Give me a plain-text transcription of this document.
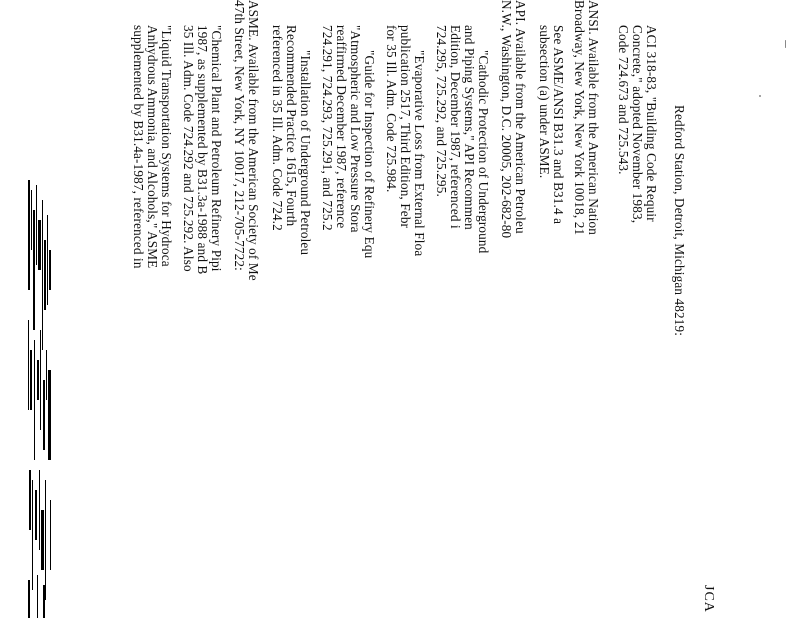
JCA
Redford Station, Detroit, Michigan 48219:
ACI 318-83, "Building Code Requir
Concrete," adopted November 1983,
Code 724.673 and 725.543.
ANSI. Available from the American Nation
Broadway, New York, New York 10018, 21
See ASME/ANSI B31.3 and B31.4 a
subsection (a) under ASME.
API. Available from the American Petroleu
N.W., Washington, D.C. 20005, 202-682-80
"Cathodic Protection of Underground
and Piping Systems," API Recommen
Edition, December 1987, referenced i
724.295, 725.292, and 725.295.
"Evaporative Loss from External Floa
publication 2517, Third Edition, Febr
for 35 Ill. Adm. Code 725.984.
"Guide for Inspection of Refinery Equ
"Atmospheric and Low Pressure Stora
reaffirmed December 1987, reference
724.291, 724.293, 725.291, and 725.2
"Installation of Underground Petroleu
Recommended Practice 1615, Fourth
referenced in 35 Ill. Adm. Code 724.2
ASME. Available from the American Society of Me
47th Street, New York, NY 10017, 212-705-7722:
"Chemical Plant and Petroleum Refinery Pipi
1987, as supplemented by B31.3a-1988 and B
35 Ill. Adm. Code 724.292 and 725.292. Also
"Liquid Transportation Systems for Hydroca
Anhydrous Ammonia, and Alcohols," ASME
supplemented by B31.4a-1987, referenced in
